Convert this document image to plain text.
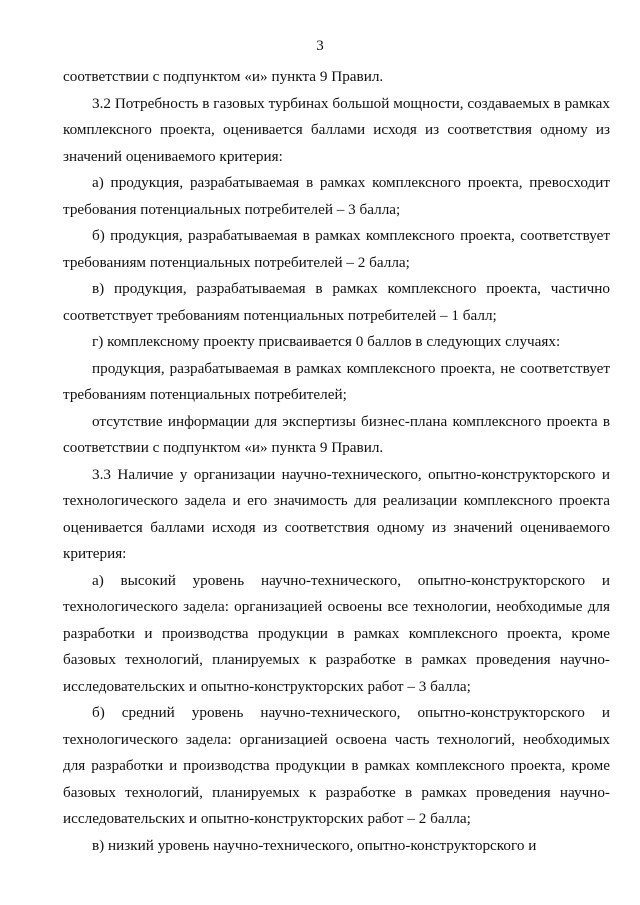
3

соответствии с подпунктом «и» пункта 9 Правил.

3.2 Потребность в газовых турбинах большой мощности, создаваемых в рамках комплексного проекта, оценивается баллами исходя из соответствия одному из значений оцениваемого критерия:

а) продукция, разрабатываемая в рамках комплексного проекта, превосходит требования потенциальных потребителей – 3 балла;

б) продукция, разрабатываемая в рамках комплексного проекта, соответствует требованиям потенциальных потребителей – 2 балла;

в) продукция, разрабатываемая в рамках комплексного проекта, частично соответствует требованиям потенциальных потребителей – 1 балл;

г) комплексному проекту присваивается 0 баллов в следующих случаях:

продукция, разрабатываемая в рамках комплексного проекта, не соответствует требованиям потенциальных потребителей;

отсутствие информации для экспертизы бизнес-плана комплексного проекта в соответствии с подпунктом «и» пункта 9 Правил.

3.3 Наличие у организации научно-технического, опытно-конструкторского и технологического задела и его значимость для реализации комплексного проекта оценивается баллами исходя из соответствия одному из значений оцениваемого критерия:

а) высокий уровень научно-технического, опытно-конструкторского и технологического задела: организацией освоены все технологии, необходимые для разработки и производства продукции в рамках комплексного проекта, кроме базовых технологий, планируемых к разработке в рамках проведения научно-исследовательских и опытно-конструкторских работ – 3 балла;

б) средний уровень научно-технического, опытно-конструкторского и технологического задела: организацией освоена часть технологий, необходимых для разработки и производства продукции в рамках комплексного проекта, кроме базовых технологий, планируемых к разработке в рамках проведения научно-исследовательских и опытно-конструкторских работ – 2 балла;

в) низкий уровень научно-технического, опытно-конструкторского и
